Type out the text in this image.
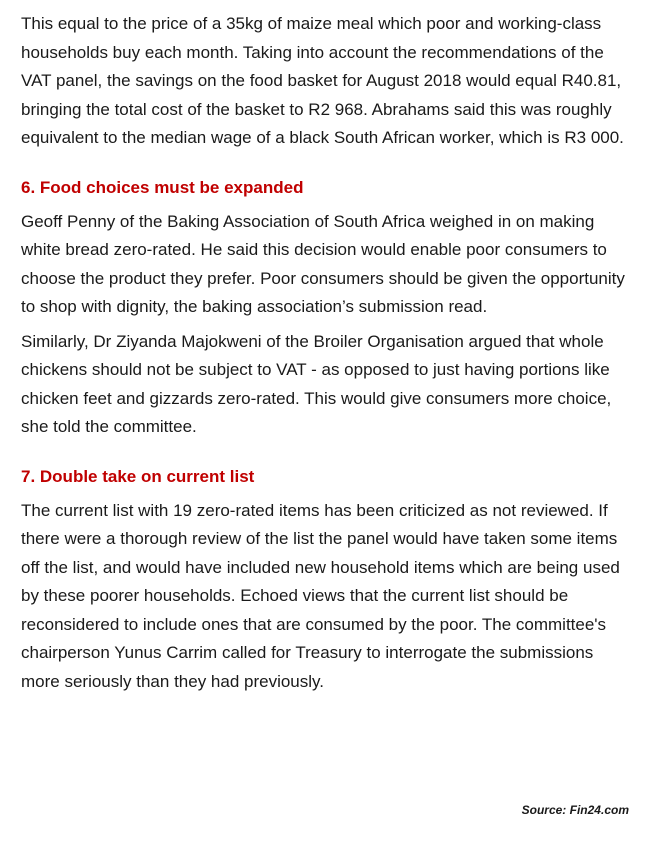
This equal to the price of a 35kg of maize meal which poor and working-class households buy each month. Taking into account the recommendations of the VAT panel, the savings on the food basket for August 2018 would equal R40.81, bringing the total cost of the basket to R2 968. Abrahams said this was roughly equivalent to the median wage of a black South African worker, which is R3 000.

6. Food choices must be expanded

Geoff Penny of the Baking Association of South Africa weighed in on making white bread zero-rated. He said this decision would enable poor consumers to choose the product they prefer. Poor consumers should be given the opportunity to shop with dignity, the baking association’s submission read.

Similarly, Dr Ziyanda Majokweni of the Broiler Organisation argued that whole chickens should not be subject to VAT - as opposed to just having portions like chicken feet and gizzards zero-rated. This would give consumers more choice, she told the committee.

7. Double take on current list

The current list with 19 zero-rated items has been criticized as not reviewed. If there were a thorough review of the list the panel would have taken some items off the list, and would have included new household items which are being used by these poorer households. Echoed views that the current list should be reconsidered to include ones that are consumed by the poor. The committee's chairperson Yunus Carrim called for Treasury to interrogate the submissions more seriously than they had previously.

Source: Fin24.com
